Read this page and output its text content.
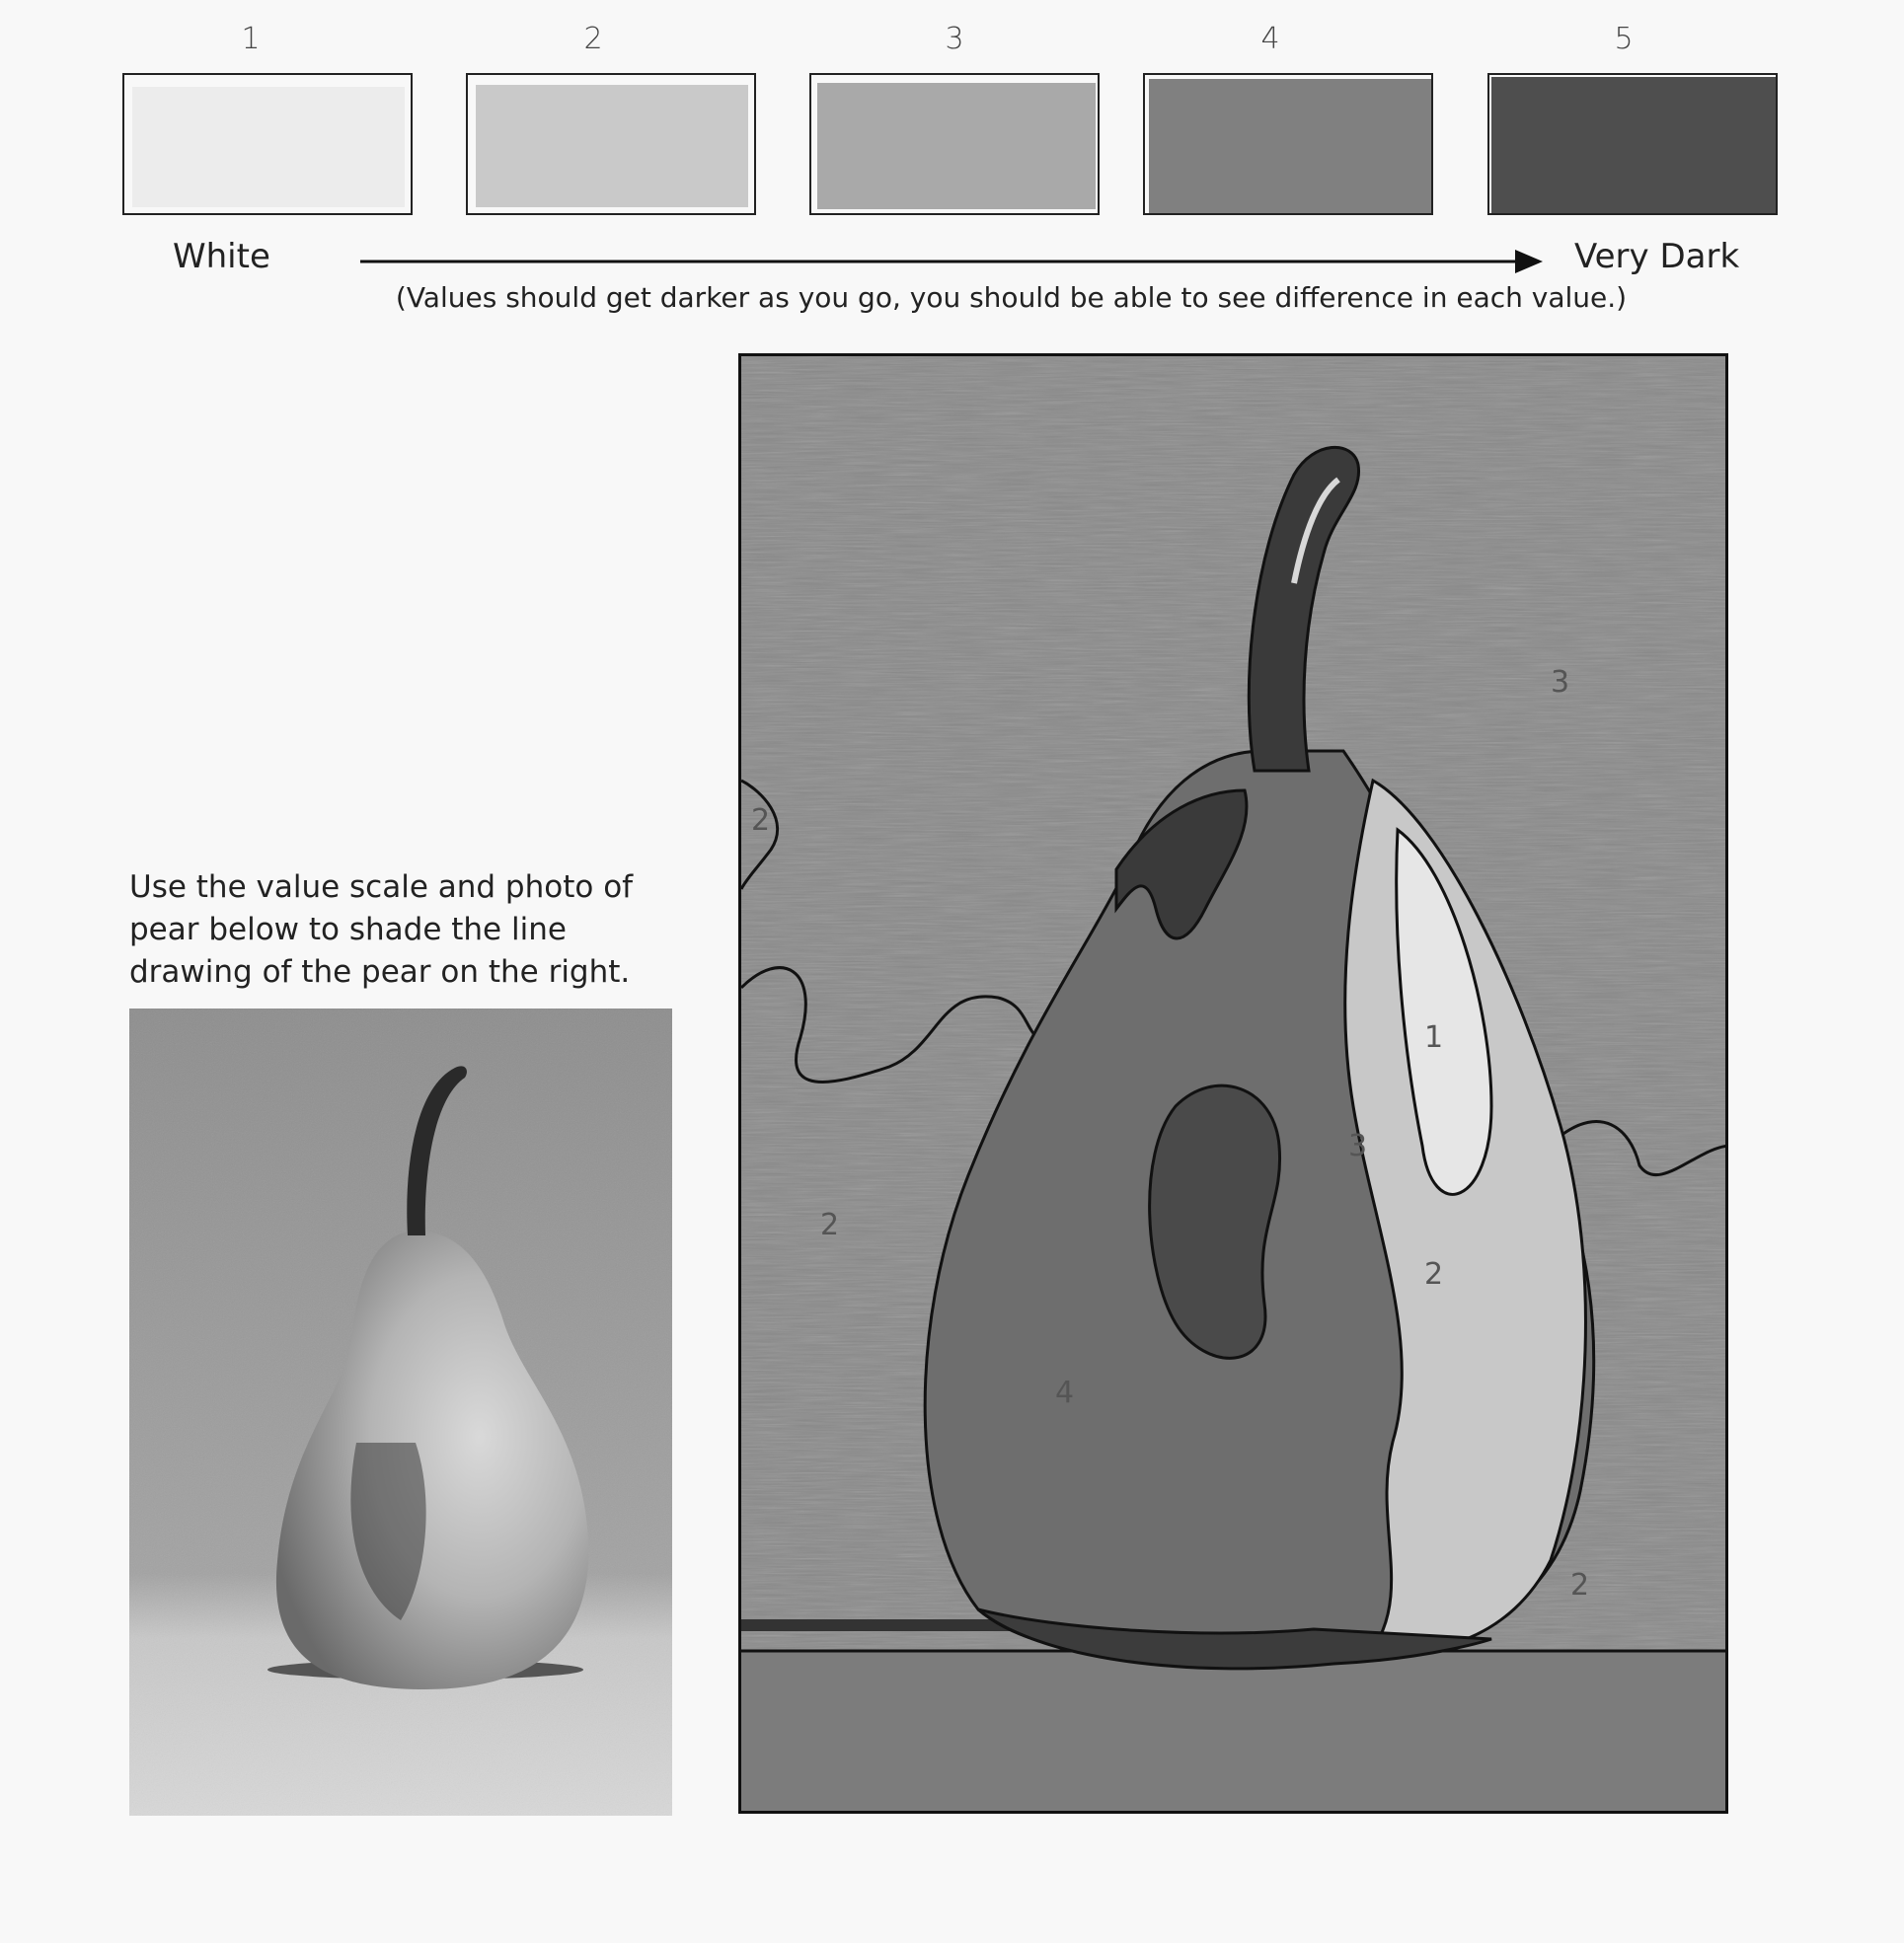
1	2	3	4	5
White	Very Dark
(Values should get darker as you go, you should be able to see difference in each value.)
Use the value scale and photo of pear below to shade the line drawing of the pear on the right.
3
2
2
1
2
4
3
2
